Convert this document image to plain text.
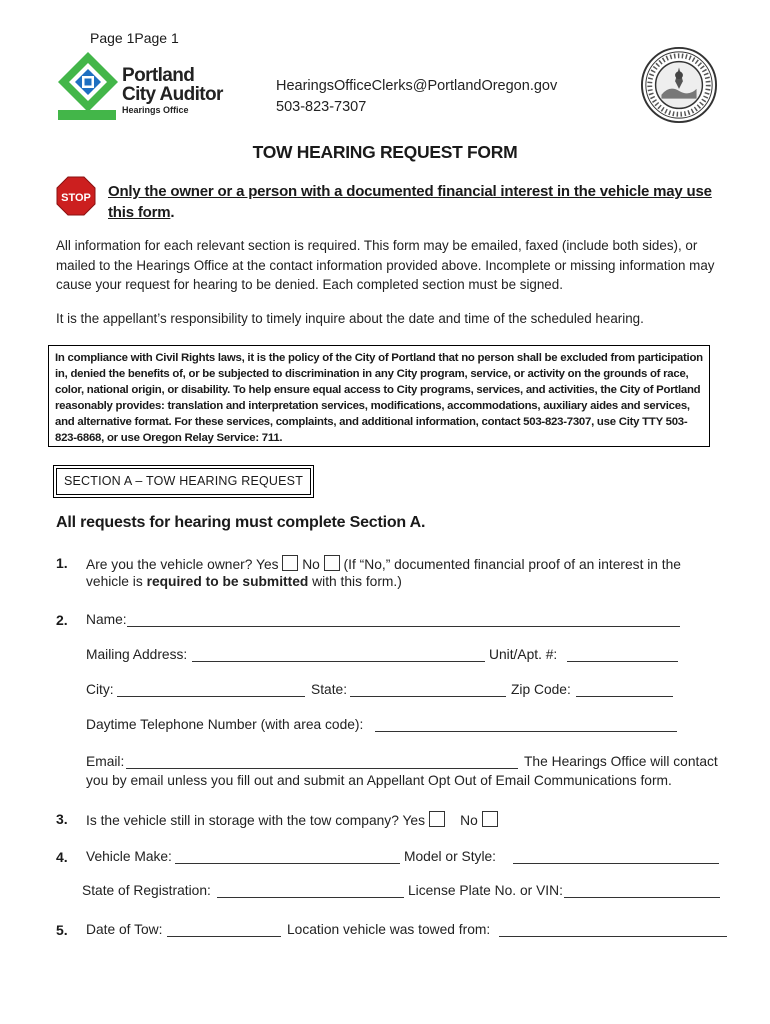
Page 1Page 1
Portland
City Auditor
Hearings Office
HearingsOfficeClerks@PortlandOregon.gov
503-823-7307
TOW HEARING REQUEST FORM
STOP Only the owner or a person with a documented financial interest in the vehicle may use this form.
All information for each relevant section is required. This form may be emailed, faxed (include both sides), or mailed to the Hearings Office at the contact information provided above. Incomplete or missing information may cause your request for hearing to be denied. Each completed section must be signed.
It is the appellant’s responsibility to timely inquire about the date and time of the scheduled hearing.
In compliance with Civil Rights laws, it is the policy of the City of Portland that no person shall be excluded from participation in, denied the benefits of, or be subjected to discrimination in any City program, service, or activity on the grounds of race, color, national origin, or disability. To help ensure equal access to City programs, services, and activities, the City of Portland reasonably provides: translation and interpretation services, modifications, accommodations, auxiliary aides and services, and alternative format. For these services, complaints, and additional information, contact 503-823-7307, use City TTY 503-823-6868, or use Oregon Relay Service: 711.
SECTION A – TOW HEARING REQUEST
All requests for hearing must complete Section A.
1. Are you the vehicle owner? Yes No (If “No,” documented financial proof of an interest in the
vehicle is required to be submitted with this form.)
2. Name:
Mailing Address:	Unit/Apt. #:
City:	State:	Zip Code:
Daytime Telephone Number (with area code):
Email:	The Hearings Office will contact
you by email unless you fill out and submit an Appellant Opt Out of Email Communications form.
3. Is the vehicle still in storage with the tow company? Yes	No
4. Vehicle Make:	Model or Style:
State of Registration:	License Plate No. or VIN:
5. Date of Tow:	Location vehicle was towed from:
